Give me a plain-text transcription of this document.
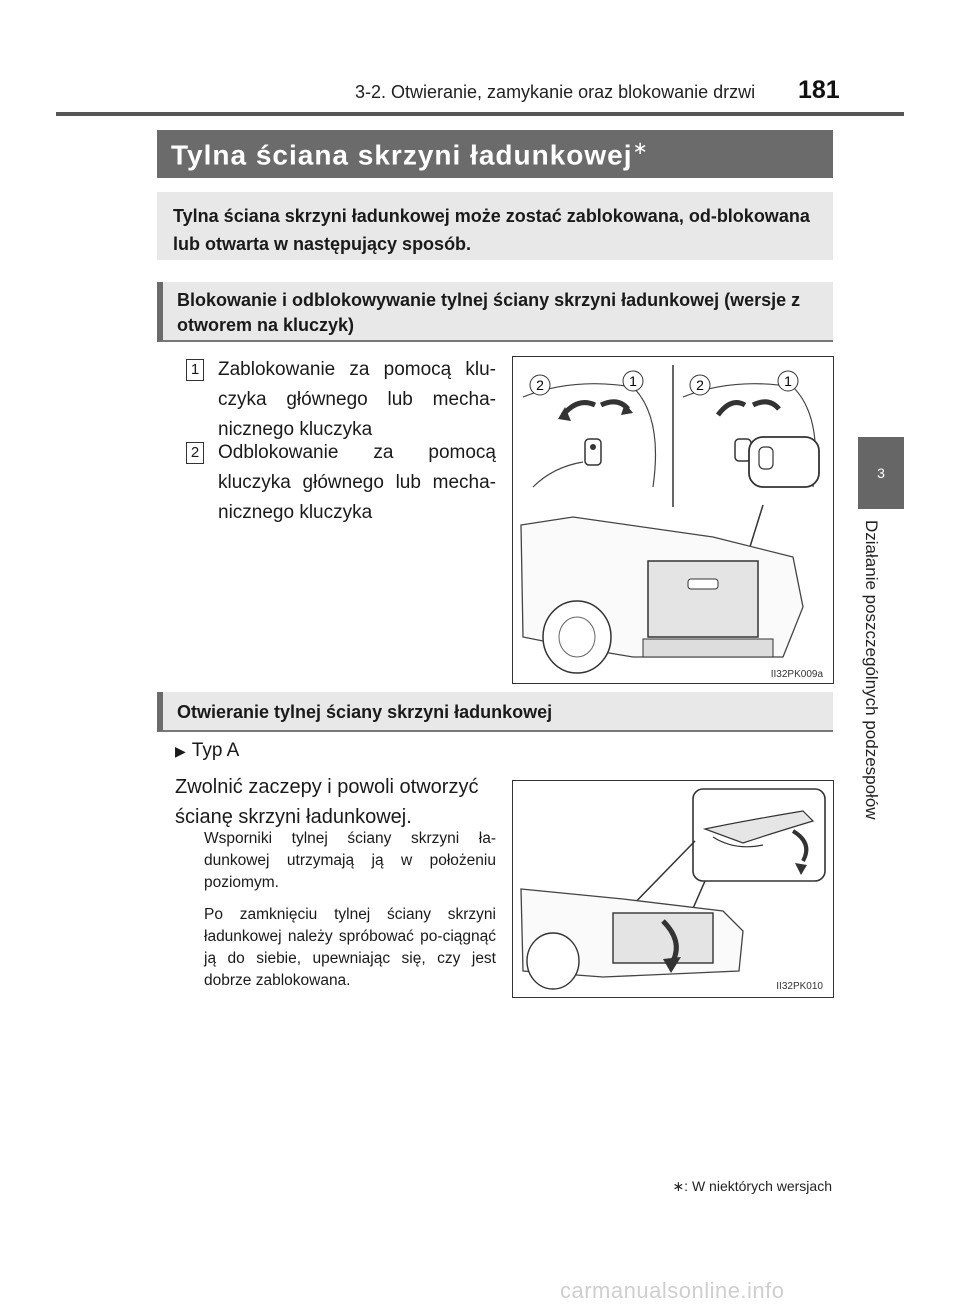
3-2. Otwieranie, zamykanie oraz blokowanie drzwi 181
3
Działanie poszczególnych podzespołów
Tylna ściana skrzyni ładunkowej∗
Tylna ściana skrzyni ładunkowej może zostać zablokowana, od-blokowana lub otwarta w następujący sposób.
Blokowanie i odblokowywanie tylnej ściany skrzyni ładunkowej (wersje z otworem na kluczyk)
1 Zablokowanie za pomocą klu-czyka głównego lub mecha-nicznego kluczyka
2 Odblokowanie za pomocą kluczyka głównego lub mecha-nicznego kluczyka
2	1	2	1
II32PK009a
Otwieranie tylnej ściany skrzyni ładunkowej
▶ Typ A
Zwolnić zaczepy i powoli otworzyć ścianę skrzyni ładunkowej.
Wsporniki tylnej ściany skrzyni ła-dunkowej utrzymają ją w położeniu poziomym.
Po zamknięciu tylnej ściany skrzyni ładunkowej należy spróbować po-ciągnąć ją do siebie, upewniając się, czy jest dobrze zablokowana.	II32PK010
∗: W niektórych wersjach
carmanualsonline.info
